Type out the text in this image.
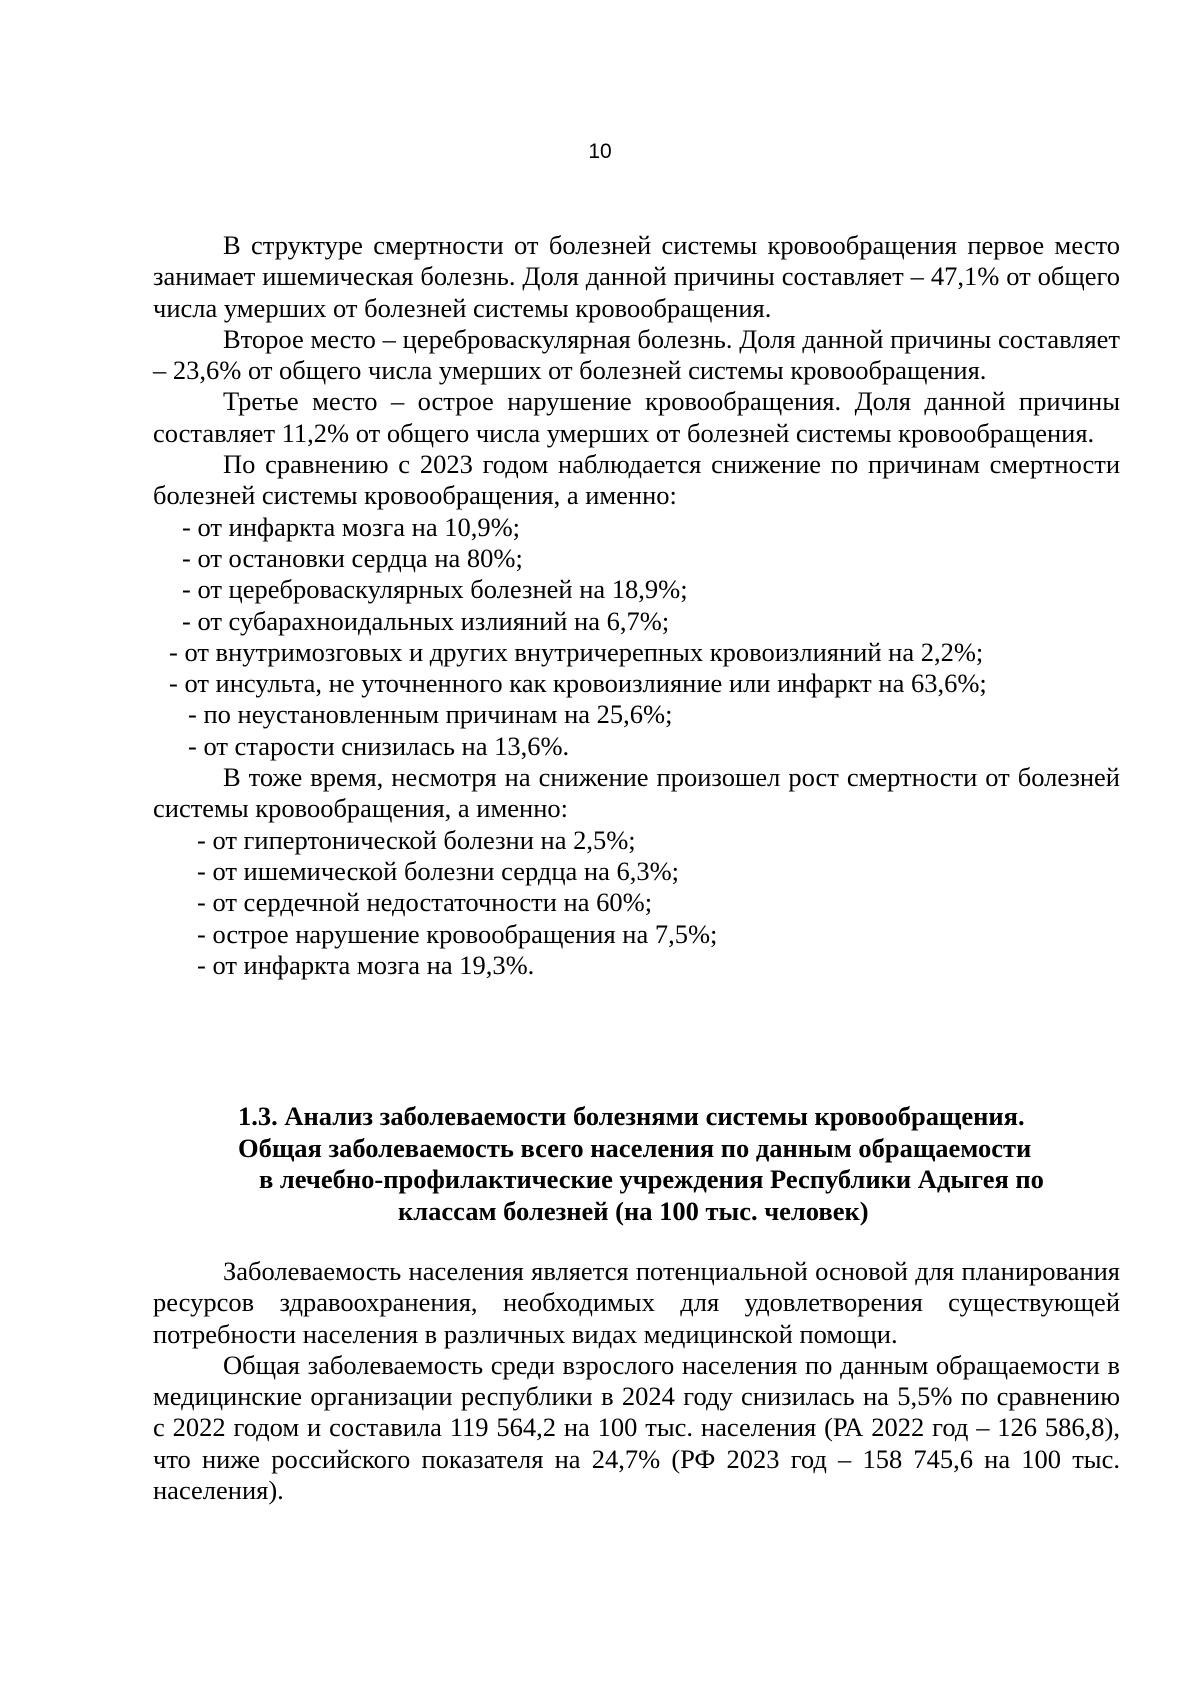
10

В структуре смертности от болезней системы кровообращения первое место занимает ишемическая болезнь. Доля данной причины составляет – 47,1% от общего числа умерших от болезней системы кровообращения.

Второе место – цереброваскулярная болезнь. Доля данной причины составляет – 23,6% от общего числа умерших от болезней системы кровообращения.

Третье место – острое нарушение кровообращения. Доля данной причины составляет 11,2% от общего числа умерших от болезней системы кровообращения.

По сравнению с 2023 годом наблюдается снижение по причинам смертности болезней системы кровообращения, а именно:

- от инфаркта мозга на 10,9%;
- от остановки сердца на 80%;
- от цереброваскулярных болезней на 18,9%;
- от субарахноидальных излияний на 6,7%;
- от внутримозговых и других внутричерепных кровоизлияний на 2,2%;
- от инсульта, не уточненного как кровоизлияние или инфаркт на 63,6%;
- по неустановленным причинам на 25,6%;
- от старости снизилась на 13,6%.

В тоже время, несмотря на снижение произошел рост смертности от болезней системы кровообращения, а именно:

- от гипертонической болезни на 2,5%;
- от ишемической болезни сердца на 6,3%;
- от сердечной недостаточности на 60%;
- острое нарушение кровообращения на 7,5%;
- от инфаркта мозга на 19,3%.
1.3. Анализ заболеваемости болезнями системы кровообращения.
Общая заболеваемость всего населения по данным обращаемости
в лечебно-профилактические учреждения Республики Адыгея по
классам болезней (на 100 тыс. человек)

Заболеваемость населения является потенциальной основой для планирования ресурсов здравоохранения, необходимых для удовлетворения существующей потребности населения в различных видах медицинской помощи.

Общая заболеваемость среди взрослого населения по данным обращаемости в медицинские организации республики в 2024 году снизилась на 5,5% по сравнению с 2022 годом и составила 119 564,2 на 100 тыс. населения (РА 2022 год – 126 586,8), что ниже российского показателя на 24,7% (РФ 2023 год – 158 745,6 на 100 тыс. населения).
